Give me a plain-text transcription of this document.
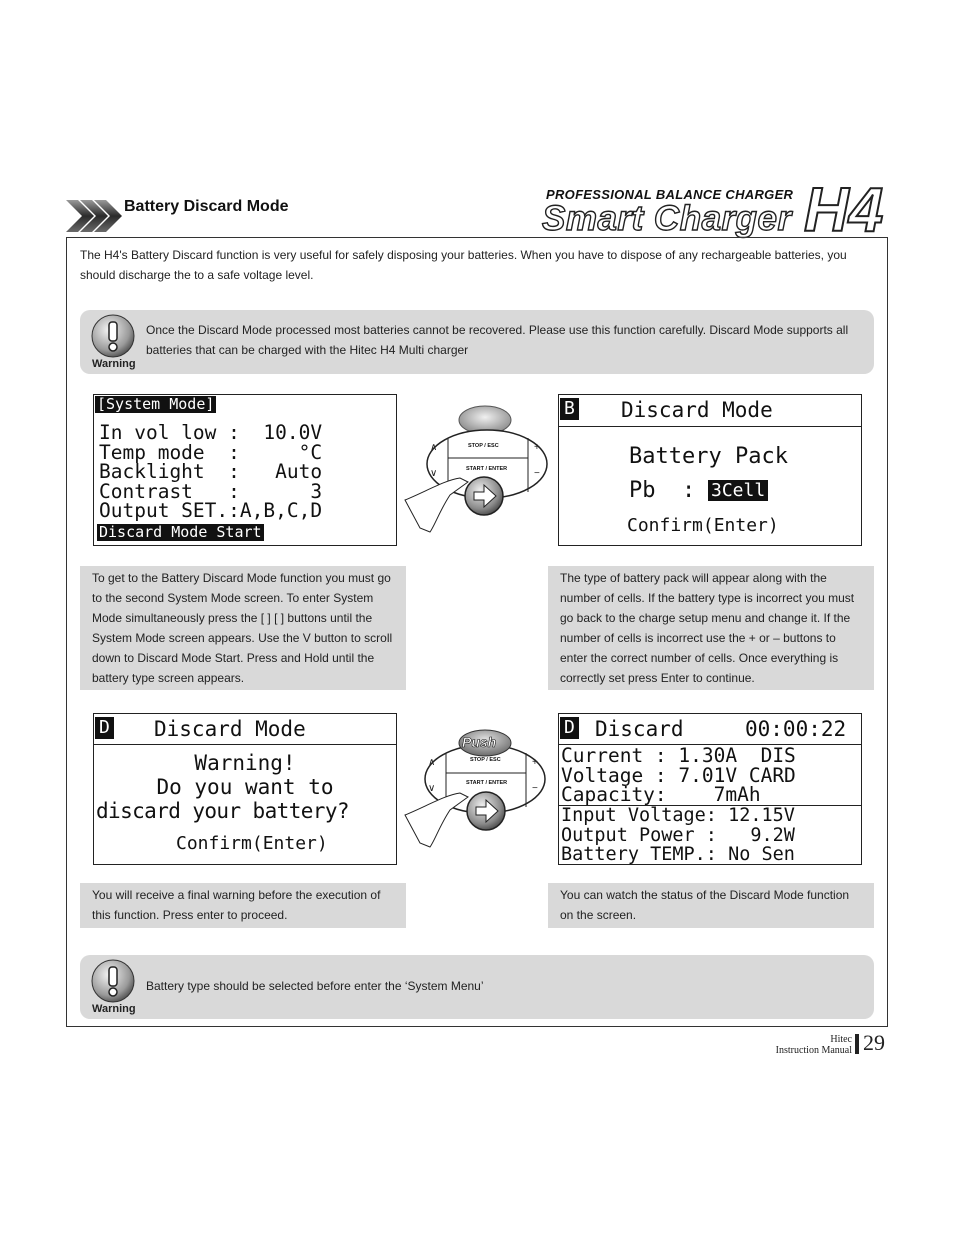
Battery Discard Mode
PROFESSIONAL BALANCE CHARGER
Smart Charger H4
The H4's Battery Discard function is very useful for safely disposing your batteries. When you have to dispose of any rechargeable batteries, you should discharge the to a safe voltage level.
Warning
Once the Discard Mode processed most batteries cannot be recovered. Please use this function carefully. Discard Mode supports all batteries that can be charged with the Hitec H4 Multi charger
[System Mode]
In vol low :  10.0V
Temp mode  :     °C
Backlight  :   Auto
Contrast   :      3
Output SET.:A,B,C,D
Discard Mode Start
∧
∨
+
−
STOP / ESC
START / ENTER
B Discard Mode
Battery Pack
Pb  : 3Cell
Confirm(Enter)
To get to the Battery Discard Mode function you must go to the second System Mode screen. To enter System Mode simultaneously press the [ ] [ ] buttons until the System Mode screen appears. Use the V button to scroll down to Discard Mode Start. Press and Hold until the battery type screen appears.
The type of battery pack will appear along with the number of cells. If the battery type is incorrect you must go back to the charge setup menu and change it. If the number of cells is incorrect use the + or – buttons to enter the correct number of cells. Once everything is correctly set press Enter to continue.
D Discard Mode
Warning!
Do you want to
discard your battery?
Confirm(Enter)
∧
∨
+
−
Push
STOP / ESC
START / ENTER
D Discard	00:00:22
Current : 1.30A  DIS
Voltage : 7.01V CARD
Capacity:    7mAh
Input Voltage: 12.15V
Output Power :   9.2W
Battery TEMP.: No Sen
You will receive a final warning before the execution of this function. Press enter to proceed.
You can watch the status of the Discard Mode function on the screen.
Warning
Battery type should be selected before enter the ‘System Menu’
Hitec
Instruction Manual 29
